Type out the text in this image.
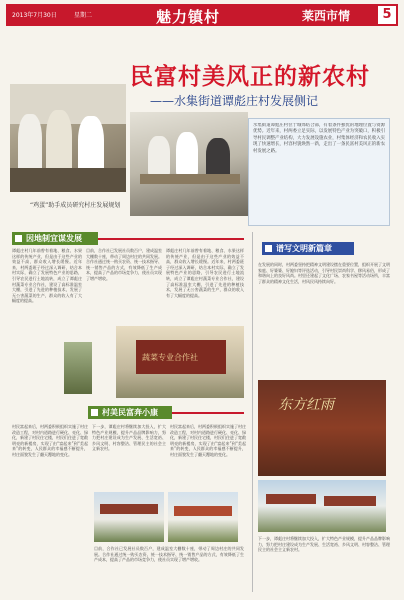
2013年7月30日	星期二	魅力镇村	莱西市情	5
民富村美风正的新农村
——水集街道谭彪庄村发展侧记
“鸡蛋”助手成员研究村庄发展规划
水集街道谭彪庄村位于城郊结合部，有着条件独优的地理位置与资源优势。近年来，村两委立足实际，以发展特色产业为突破口，积极引导村民调整产业结构，大力发展设施农业，村集体经济和农民收入实现了快速增长，村容村貌焕然一新，走出了一条民富村美风正的新农村发展之路。
因地制宜谋发展
谭彪庄村几年前曾有着地、粮食、水果这样的传统产业，但是由于这些产业的效益不高，群众收入增长缓慢。近年来，村两委班子经过深入调研，结合本村实际，确立了发展特色产业的思路，引导农民进行土地流转，成立了谭彪庄村蔬菜专业合作社，建设了高标准温室大棚，引进了先进的种植技术，发展了无公害蔬菜的生产，群众的收入有了大幅度的提高。
目前，合作社已发展社员数百户，建成温室大棚数十座，带动了周边村庄的共同发展。合作社通过统一购买农资、统一技术指导、统一销售产品的方式，有效降低了生产成本，提高了产品的市场竞争力，使社员实现了增产增收。
谭彪庄村几年前曾有着地、粮食、水果这样的传统产业，但是由于这些产业的效益不高，群众收入增长缓慢。近年来，村两委班子经过深入调研，结合本村实际，确立了发展特色产业的思路，引导农民进行土地流转，成立了谭彪庄村蔬菜专业合作社，建设了高标准温室大棚，引进了先进的种植技术，发展了无公害蔬菜的生产，群众的收入有了大幅度的提高。
蔬菜专业合作社
谱写文明新篇章
在发展的同时，村两委坚持把精神文明建设摆在重要位置，组织开展了文明家庭、好婆婆、好媳妇等评选活动，引导村民崇尚科学、移风易俗，形成了和谐向上的良好风尚。村里还建起了文化广场、农家书屋等活动场所，丰富了群众的精神文化生活，村风民风持续向好。
东方红雨
村美民富奔小康
村民富起来后，村两委积极组织实施了村庄改造工程，对村内道路进行硬化、亮化、绿化，新建了村民住宅楼，村民们住进了宽敞明亮的新楼房，实现了由“富起来”到“美起来”的转变，人民群众的幸福感不断提升，村庄面貌发生了翻天覆地的变化。
下一步，谭彪庄村将继续加大投入，扩大特色产业规模，提升产品品牌影响力，努力把村庄建设成为生产发展、生活宽裕、乡风文明、村容整洁、管理民主的社会主义新农村。
村民富起来后，村两委积极组织实施了村庄改造工程，对村内道路进行硬化、亮化、绿化，新建了村民住宅楼，村民们住进了宽敞明亮的新楼房，实现了由“富起来”到“美起来”的转变，人民群众的幸福感不断提升，村庄面貌发生了翻天覆地的变化。
目前，合作社已发展社员数百户，建成温室大棚数十座，带动了周边村庄的共同发展。合作社通过统一购买农资、统一技术指导、统一销售产品的方式，有效降低了生产成本，提高了产品的市场竞争力，使社员实现了增产增收。
下一步，谭彪庄村将继续加大投入，扩大特色产业规模，提升产品品牌影响力，努力把村庄建设成为生产发展、生活宽裕、乡风文明、村容整洁、管理民主的社会主义新农村。
